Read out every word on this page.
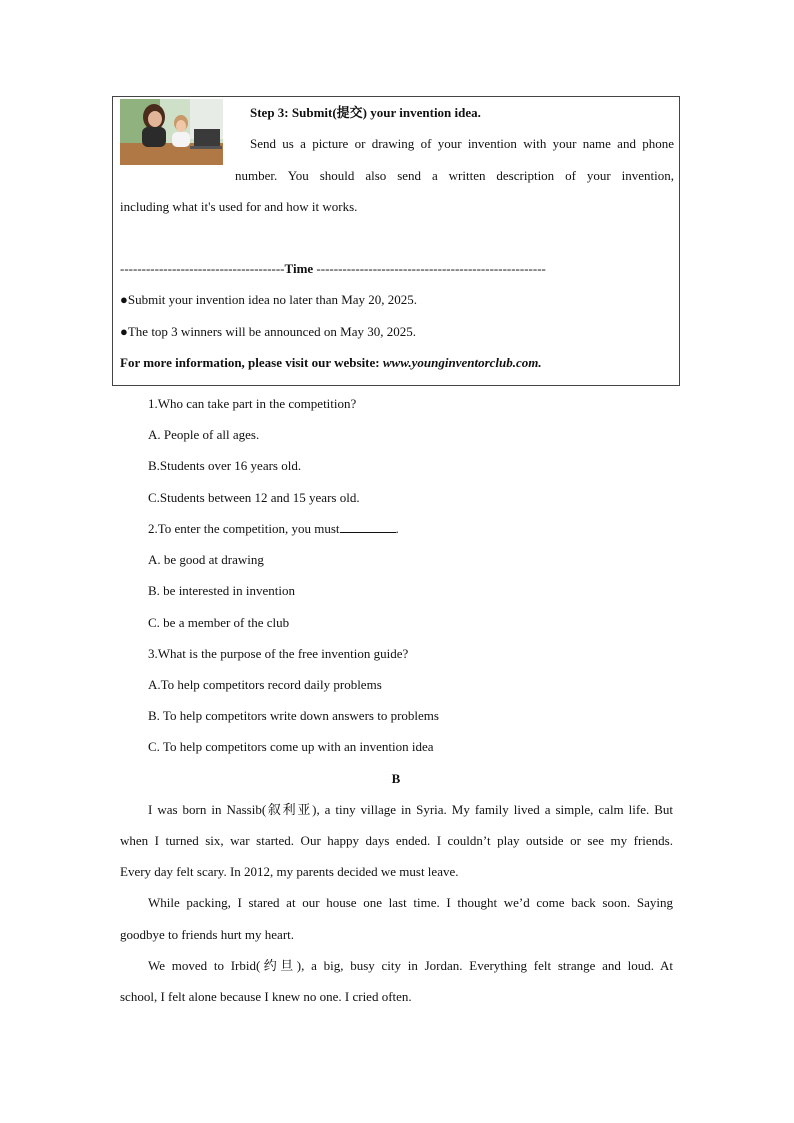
Step 3: Submit(提交) your invention idea.
Send us a picture or drawing of your invention with your name and phone
number. You should also send a written description of your invention,
including what it's used for and how it works.
--------------------------------------Time -----------------------------------------------------
●Submit your invention idea no later than May 20, 2025.
●The top 3 winners will be announced on May 30, 2025.
For more information, please visit our website: www.younginventorclub.com.
1.Who can take part in the competition?
A. People of all ages.
B.Students over 16 years old.
C.Students between 12 and 15 years old.
2.To enter the competition, you must	.
A. be good at drawing
B. be interested in invention
C. be a member of the club
3.What is the purpose of the free invention guide?
A.To help competitors record daily problems
B. To help competitors write down answers to problems
C. To help competitors come up with an invention idea
B
I was born in Nassib(叙利亚), a tiny village in Syria. My family lived a simple, calm life. But
when I turned six, war started. Our happy days ended. I couldn’t play outside or see my friends.
Every day felt scary. In 2012, my parents decided we must leave.
While packing, I stared at our house one last time. I thought we’d come back soon. Saying
goodbye to friends hurt my heart.
We moved to Irbid(约旦), a big, busy city in Jordan. Everything felt strange and loud. At
school, I felt alone because I knew no one. I cried often.
